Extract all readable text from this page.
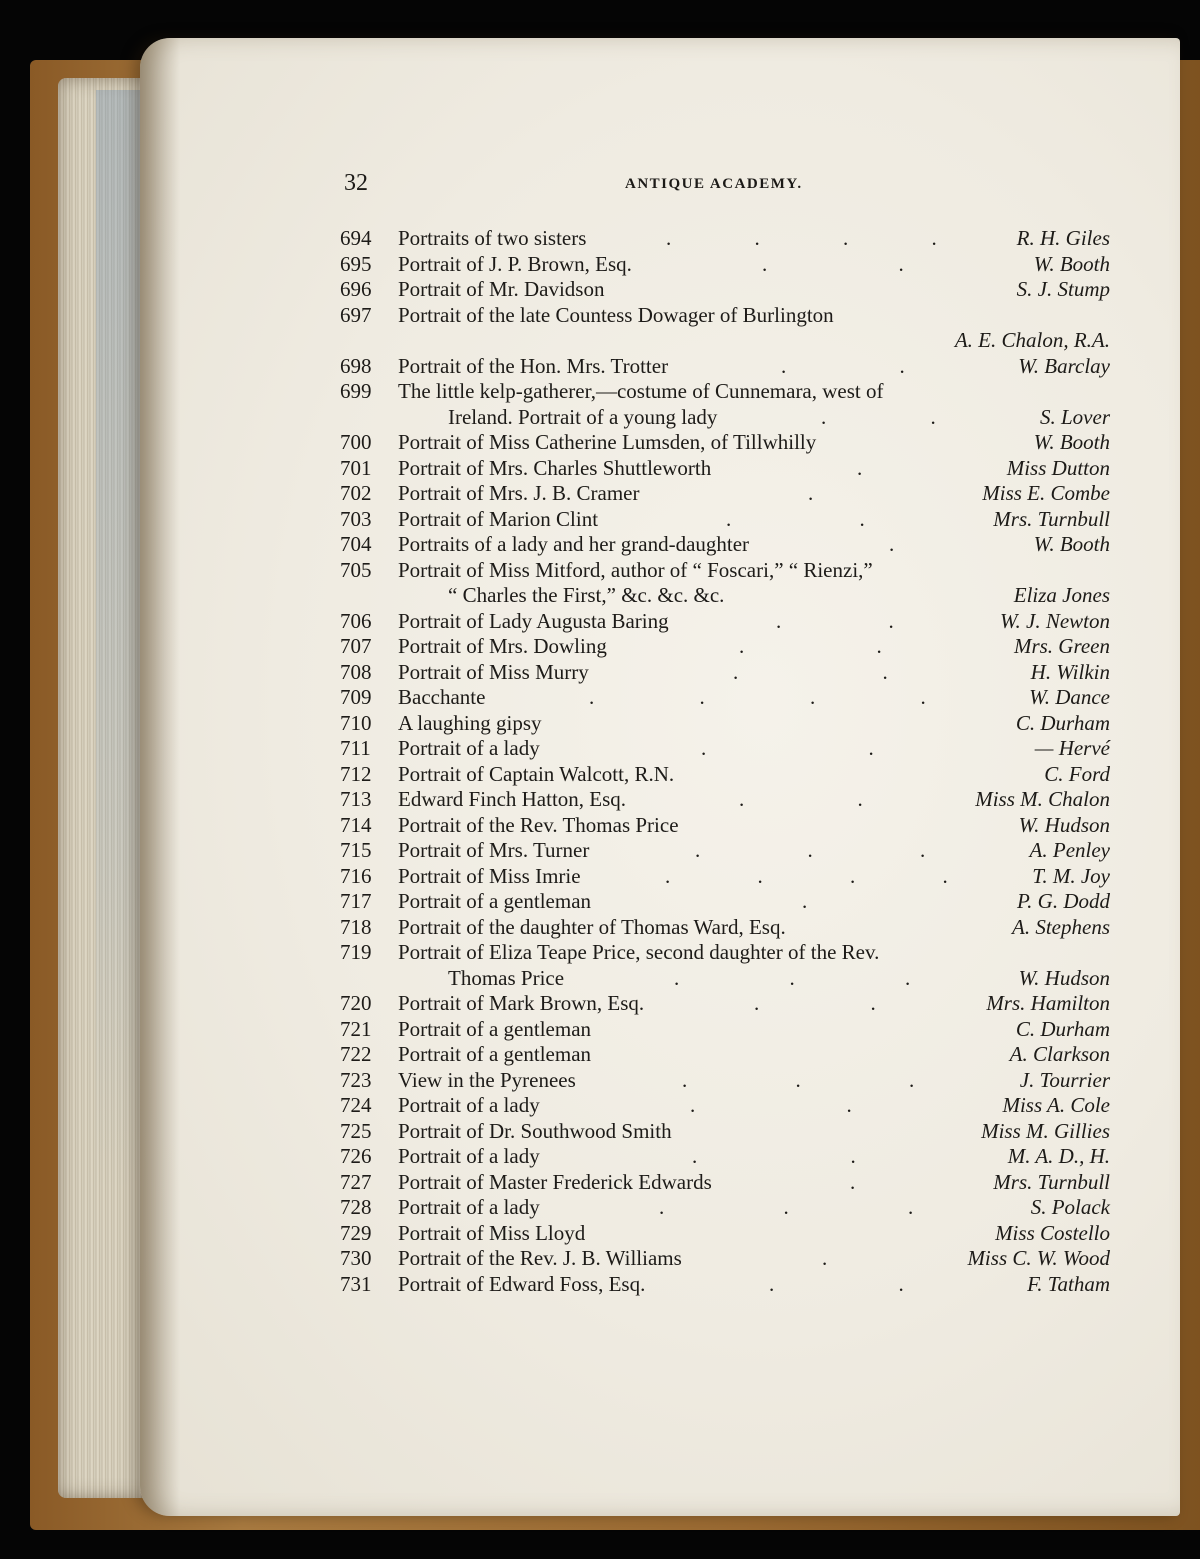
32	ANTIQUE ACADEMY.
694	Portraits of two sisters	R. H. Giles
. . . .
695	Portrait of J. P. Brown, Esq.	W. Booth
. .
696	Portrait of Mr. Davidson	S. J. Stump
697	Portrait of the late Countess Dowager of Burlington
A. E. Chalon, R.A.
698	Portrait of the Hon. Mrs. Trotter	W. Barclay
. .
699	The little kelp-gatherer,—costume of Cunnemara, west of
Ireland. Portrait of a young lady	S. Lover
. .
700	Portrait of Miss Catherine Lumsden, of Tillwhilly	W. Booth
701	Portrait of Mrs. Charles Shuttleworth	Miss Dutton
.
702	Portrait of Mrs. J. B. Cramer	Miss E. Combe
.
703	Portrait of Marion Clint	Mrs. Turnbull
. .
704	Portraits of a lady and her grand-daughter	W. Booth
.
705	Portrait of Miss Mitford, author of “ Foscari,” “ Rienzi,”
“ Charles the First,” &c. &c. &c.	Eliza Jones
706	Portrait of Lady Augusta Baring	W. J. Newton
. .
707	Portrait of Mrs. Dowling	Mrs. Green
. .
708	Portrait of Miss Murry	H. Wilkin
. .
709	Bacchante	W. Dance
. . . .
710	A laughing gipsy	C. Durham
711	Portrait of a lady	— Hervé
. .
712	Portrait of Captain Walcott, R.N.	C. Ford
713	Edward Finch Hatton, Esq.	Miss M. Chalon
. .
714	Portrait of the Rev. Thomas Price	W. Hudson
715	Portrait of Mrs. Turner	A. Penley
. . .
716	Portrait of Miss Imrie	T. M. Joy
. . . .
717	Portrait of a gentleman	P. G. Dodd
.
718	Portrait of the daughter of Thomas Ward, Esq.	A. Stephens
719	Portrait of Eliza Teape Price, second daughter of the Rev.
Thomas Price	W. Hudson
. . .
720	Portrait of Mark Brown, Esq.	Mrs. Hamilton
. .
721	Portrait of a gentleman	C. Durham
722	Portrait of a gentleman	A. Clarkson
723	View in the Pyrenees	J. Tourrier
. . .
724	Portrait of a lady	Miss A. Cole
. .
725	Portrait of Dr. Southwood Smith	Miss M. Gillies
726	Portrait of a lady	M. A. D., H.
. .
727	Portrait of Master Frederick Edwards	Mrs. Turnbull
.
728	Portrait of a lady	S. Polack
. . .
729	Portrait of Miss Lloyd	Miss Costello
730	Portrait of the Rev. J. B. Williams	Miss C. W. Wood
.
731	Portrait of Edward Foss, Esq.	F. Tatham
. .
